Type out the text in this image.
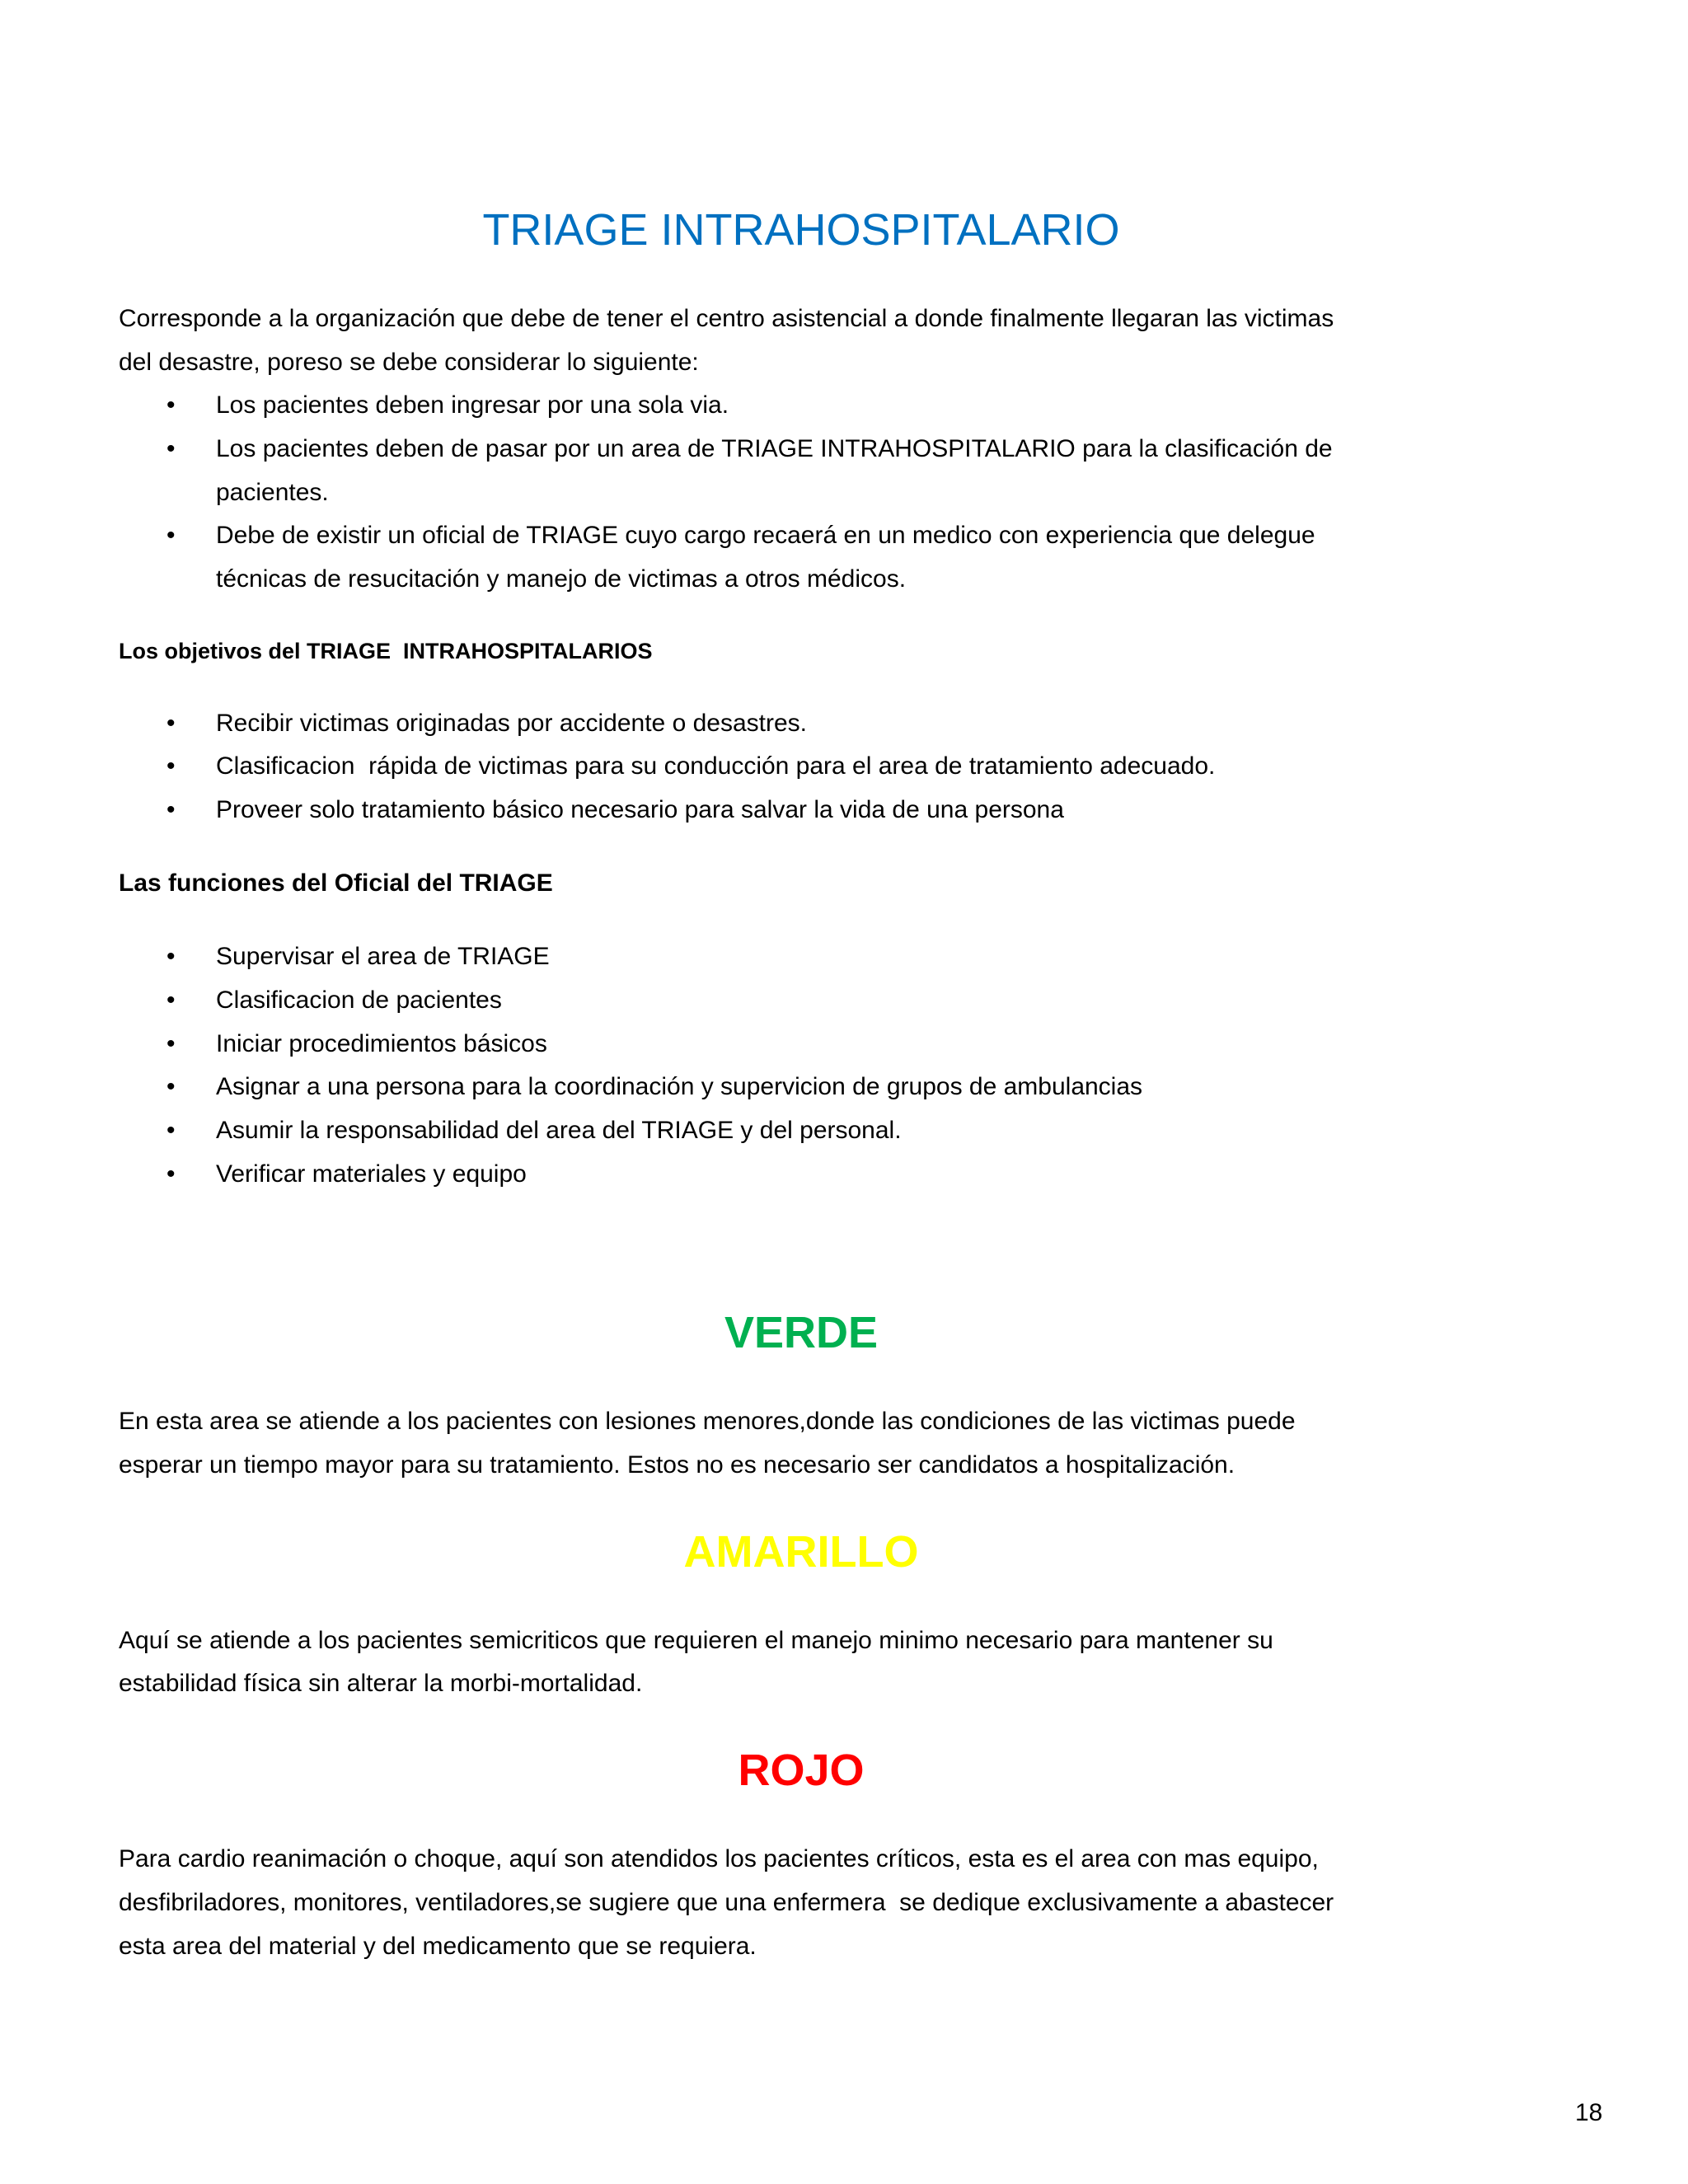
TRIAGE INTRAHOSPITALARIO
Corresponde a la organización que debe de tener el centro asistencial a donde finalmente llegaran las victimas
del desastre, poreso se debe considerar lo siguiente:
•
Los pacientes deben ingresar por una sola via.
•
Los pacientes deben de pasar por un area de TRIAGE INTRAHOSPITALARIO para la clasificación de
pacientes.
•
Debe de existir un oficial de TRIAGE cuyo cargo recaerá en un medico con experiencia que delegue
técnicas de resucitación y manejo de victimas a otros médicos.
Los objetivos del TRIAGE  INTRAHOSPITALARIOS
•
Recibir victimas originadas por accidente o desastres.
•
Clasificacion  rápida de victimas para su conducción para el area de tratamiento adecuado.
•
Proveer solo tratamiento básico necesario para salvar la vida de una persona
Las funciones del Oficial del TRIAGE
•
Supervisar el area de TRIAGE
•
Clasificacion de pacientes
•
Iniciar procedimientos básicos
•
Asignar a una persona para la coordinación y supervicion de grupos de ambulancias
•
Asumir la responsabilidad del area del TRIAGE y del personal.
•
Verificar materiales y equipo
VERDE
En esta area se atiende a los pacientes con lesiones menores,donde las condiciones de las victimas puede
esperar un tiempo mayor para su tratamiento. Estos no es necesario ser candidatos a hospitalización.
AMARILLO
Aquí se atiende a los pacientes semicriticos que requieren el manejo minimo necesario para mantener su
estabilidad física sin alterar la morbi-mortalidad.
ROJO
Para cardio reanimación o choque, aquí son atendidos los pacientes críticos, esta es el area con mas equipo,
desfibriladores, monitores, ventiladores,se sugiere que una enfermera  se dedique exclusivamente a abastecer
esta area del material y del medicamento que se requiera.
18
